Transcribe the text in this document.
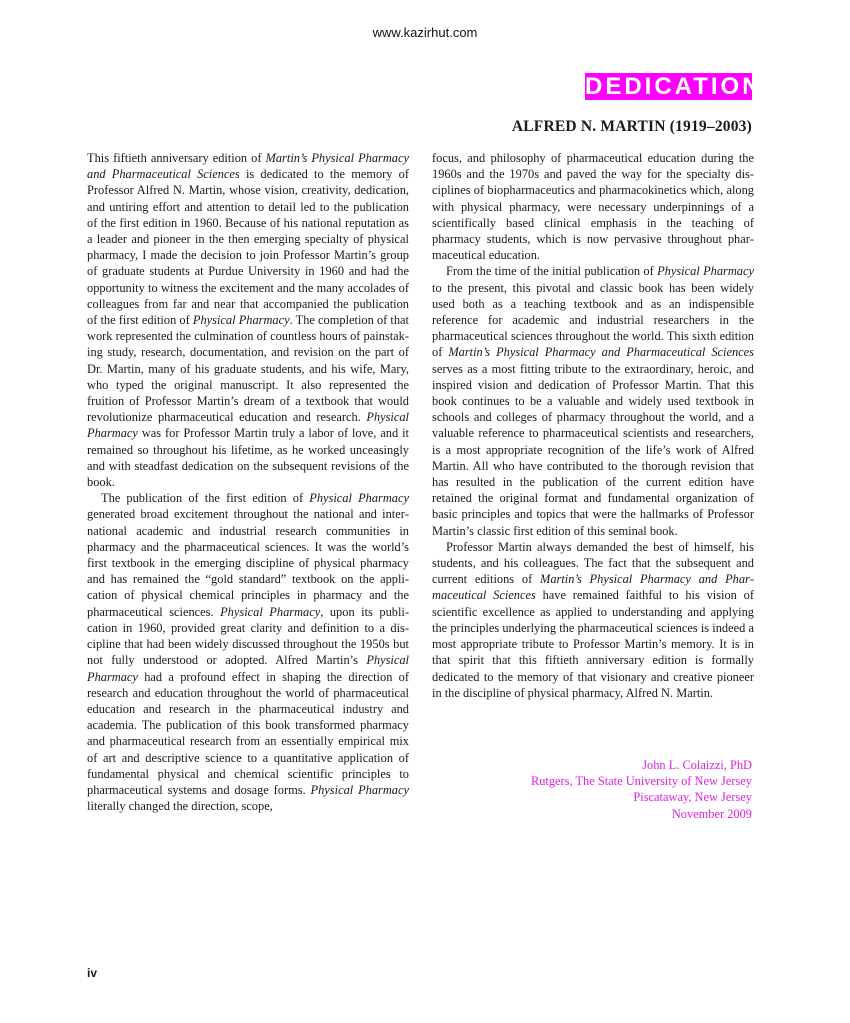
www.kazirhut.com
DEDICATION
ALFRED N. MARTIN (1919–2003)

This fiftieth anniversary edition of Martin’s Physical Pharmacy and Pharmaceutical Sciences is dedicated to the memory of Professor Alfred N. Martin, whose vision, creativity, dedication, and untiring effort and attention to detail led to the publication of the first edition in 1960. Because of his national reputation as a leader and pioneer in the then emerging specialty of physical pharmacy, I made the decision to join Professor Martin’s group of graduate students at Purdue University in 1960 and had the opportunity to witness the excitement and the many accolades of colleagues from far and near that accompanied the publication of the first edition of Physical Pharmacy. The completion of that work represented the culmination of countless hours of painstaking study, research, documentation, and revision on the part of Dr. Martin, many of his graduate students, and his wife, Mary, who typed the original manuscript. It also represented the fruition of Professor Martin’s dream of a textbook that would revolutionize pharmaceutical education and research. Physical Pharmacy was for Professor Martin truly a labor of love, and it remained so throughout his lifetime, as he worked unceasingly and with steadfast dedication on the subsequent revisions of the book.

The publication of the first edition of Physical Pharmacy generated broad excitement throughout the national and international academic and industrial research communities in pharmacy and the pharmaceutical sciences. It was the world’s first textbook in the emerging discipline of physical pharmacy and has remained the “gold standard” textbook on the application of physical chemical principles in pharmacy and the pharmaceutical sciences. Physical Pharmacy, upon its publication in 1960, provided great clarity and definition to a discipline that had been widely discussed throughout the 1950s but not fully understood or adopted. Alfred Martin’s Physical Pharmacy had a profound effect in shaping the direction of research and education throughout the world of pharmaceutical education and research in the pharmaceutical industry and academia. The publication of this book transformed pharmacy and pharmaceutical research from an essentially empirical mix of art and descriptive science to a quantitative application of fundamental physical and chemical scientific principles to pharmaceutical systems and dosage forms. Physical Pharmacy literally changed the direction, scope,

focus, and philosophy of pharmaceutical education during the 1960s and the 1970s and paved the way for the specialty disciplines of biopharmaceutics and pharmacokinetics which, along with physical pharmacy, were necessary underpinnings of a scientifically based clinical emphasis in the teaching of pharmacy students, which is now pervasive throughout pharmaceutical education.

From the time of the initial publication of Physical Pharmacy to the present, this pivotal and classic book has been widely used both as a teaching textbook and as an indispensible reference for academic and industrial researchers in the pharmaceutical sciences throughout the world. This sixth edition of Martin’s Physical Pharmacy and Pharmaceutical Sciences serves as a most fitting tribute to the extraordinary, heroic, and inspired vision and dedication of Professor Martin. That this book continues to be a valuable and widely used textbook in schools and colleges of pharmacy throughout the world, and a valuable reference to pharmaceutical scientists and researchers, is a most appropriate recognition of the life’s work of Alfred Martin. All who have contributed to the thorough revision that has resulted in the publication of the current edition have retained the original format and fundamental organization of basic principles and topics that were the hallmarks of Professor Martin’s classic first edition of this seminal book.

Professor Martin always demanded the best of himself, his students, and his colleagues. The fact that the subsequent and current editions of Martin’s Physical Pharmacy and Pharmaceutical Sciences have remained faithful to his vision of scientific excellence as applied to understanding and applying the principles underlying the pharmaceutical sciences is indeed a most appropriate tribute to Professor Martin’s memory. It is in that spirit that this fiftieth anniversary edition is formally dedicated to the memory of that visionary and creative pioneer in the discipline of physical pharmacy, Alfred N. Martin.

John L. Colaizzi, PhD
Rutgers, The State University of New Jersey
Piscataway, New Jersey
November 2009
iv
